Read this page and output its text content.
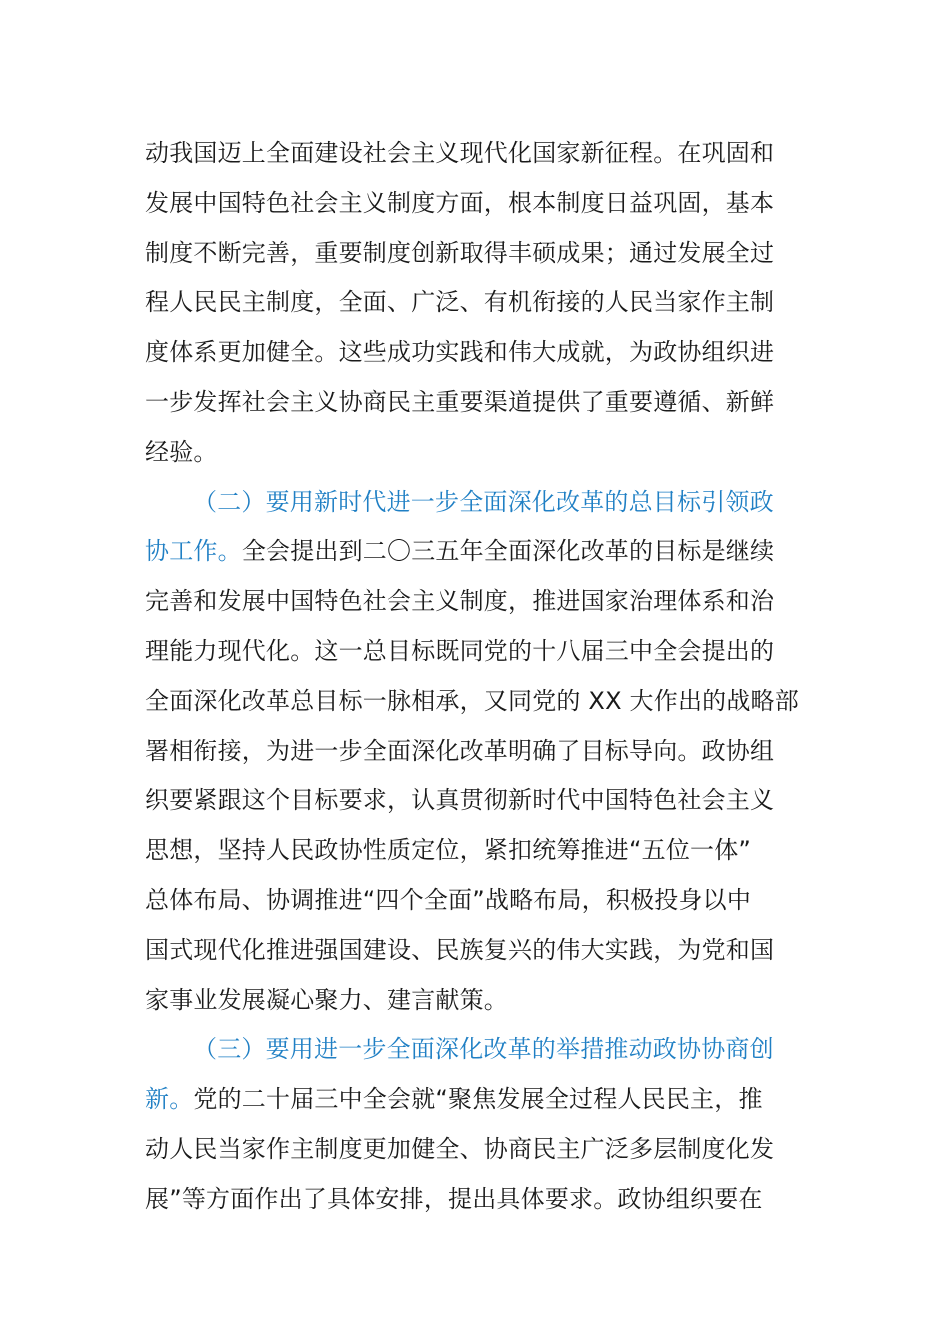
动我国迈上全面建设社会主义现代化国家新征程。在巩固和
发展中国特色社会主义制度方面，根本制度日益巩固，基本
制度不断完善，重要制度创新取得丰硕成果；通过发展全过
程人民民主制度，全面、广泛、有机衔接的人民当家作主制
度体系更加健全。这些成功实践和伟大成就，为政协组织进
一步发挥社会主义协商民主重要渠道提供了重要遵循、新鲜
经验。
（二）要用新时代进一步全面深化改革的总目标引领政
协工作。全会提出到二〇三五年全面深化改革的目标是继续
完善和发展中国特色社会主义制度，推进国家治理体系和治
理能力现代化。这一总目标既同党的十八届三中全会提出的
全面深化改革总目标一脉相承，又同党的 XX 大作出的战略部
署相衔接，为进一步全面深化改革明确了目标导向。政协组
织要紧跟这个目标要求，认真贯彻新时代中国特色社会主义
思想，坚持人民政协性质定位，紧扣统筹推进“五位一体”
总体布局、协调推进“四个全面”战略布局，积极投身以中
国式现代化推进强国建设、民族复兴的伟大实践，为党和国
家事业发展凝心聚力、建言献策。
（三）要用进一步全面深化改革的举措推动政协协商创
新。党的二十届三中全会就“聚焦发展全过程人民民主，推
动人民当家作主制度更加健全、协商民主广泛多层制度化发
展”等方面作出了具体安排，提出具体要求。政协组织要在
